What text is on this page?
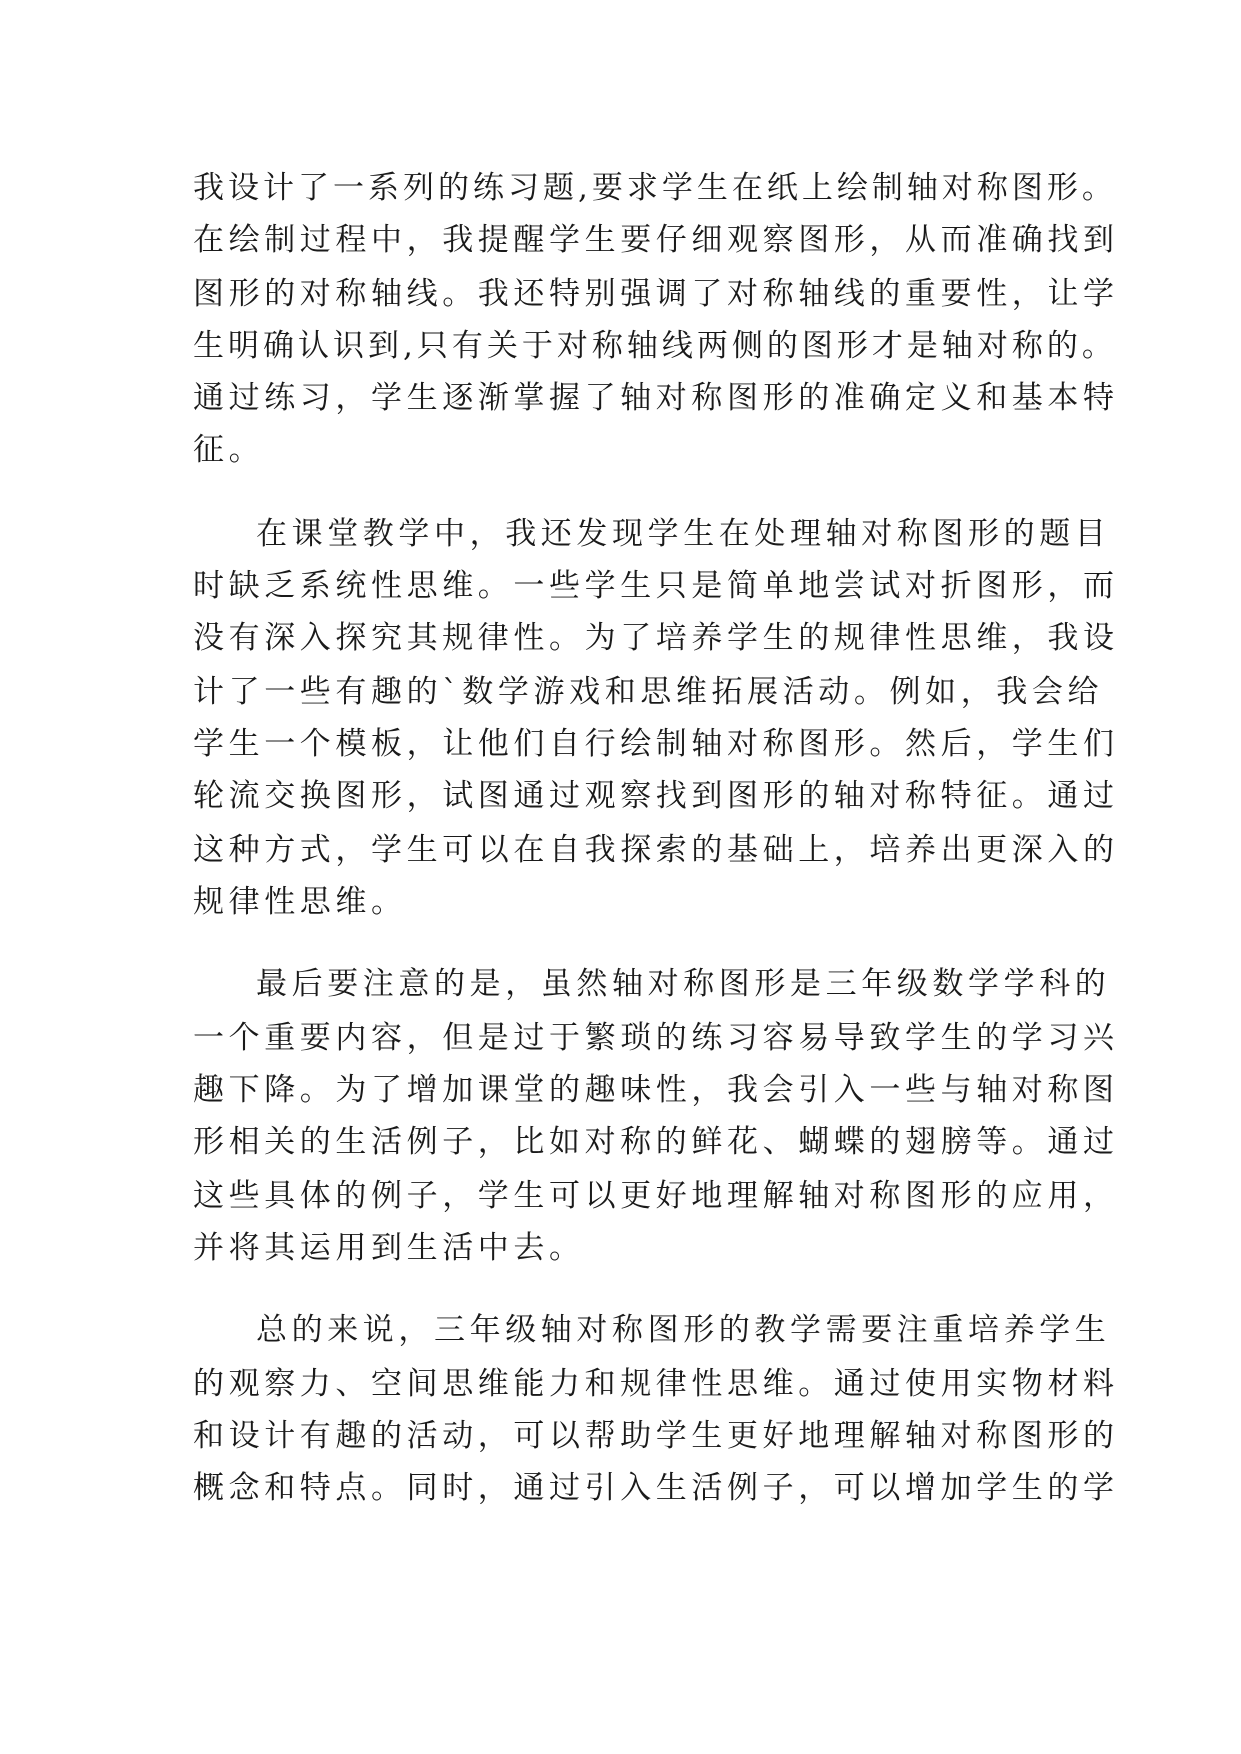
我设计了一系列的练习题,要求学生在纸上绘制轴对称图形。
在绘制过程中，我提醒学生要仔细观察图形，从而准确找到
图形的对称轴线。我还特别强调了对称轴线的重要性，让学
生明确认识到,只有关于对称轴线两侧的图形才是轴对称的。
通过练习，学生逐渐掌握了轴对称图形的准确定义和基本特
征。
在课堂教学中，我还发现学生在处理轴对称图形的题目
时缺乏系统性思维。一些学生只是简单地尝试对折图形，而
没有深入探究其规律性。为了培养学生的规律性思维，我设
计了一些有趣的`数学游戏和思维拓展活动。例如，我会给
学生一个模板，让他们自行绘制轴对称图形。然后，学生们
轮流交换图形，试图通过观察找到图形的轴对称特征。通过
这种方式，学生可以在自我探索的基础上，培养出更深入的
规律性思维。
最后要注意的是，虽然轴对称图形是三年级数学学科的
一个重要内容，但是过于繁琐的练习容易导致学生的学习兴
趣下降。为了增加课堂的趣味性，我会引入一些与轴对称图
形相关的生活例子，比如对称的鲜花、蝴蝶的翅膀等。通过
这些具体的例子，学生可以更好地理解轴对称图形的应用，
并将其运用到生活中去。
总的来说，三年级轴对称图形的教学需要注重培养学生
的观察力、空间思维能力和规律性思维。通过使用实物材料
和设计有趣的活动，可以帮助学生更好地理解轴对称图形的
概念和特点。同时，通过引入生活例子，可以增加学生的学
